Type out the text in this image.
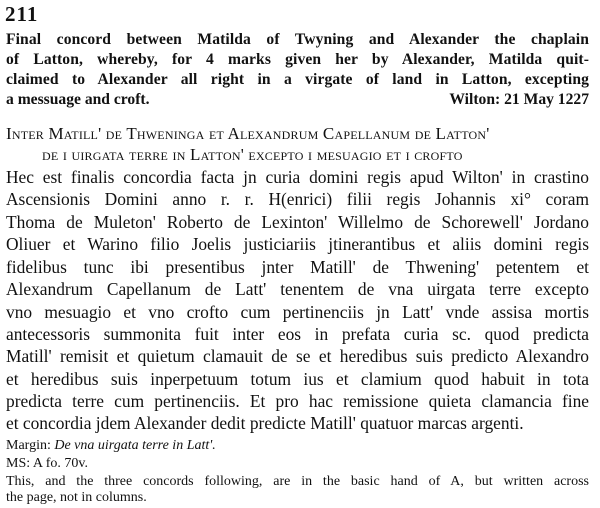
211
Final concord between Matilda of Twyning and Alexander the chaplain
of Latton, whereby, for 4 marks given her by Alexander, Matilda quit-
claimed to Alexander all right in a virgate of land in Latton, excepting
a messuage and croft.	Wilton: 21 May 1227
Inter Matill' de Thweninga et Alexandrum Capellanum de Latton'
de i uirgata terre in Latton' excepto i mesuagio et i crofto
Hec est finalis concordia facta jn curia domini regis apud Wilton' in crastino
Ascensionis Domini anno r. r. H(enrici) filii regis Johannis xi° coram
Thoma de Muleton' Roberto de Lexinton' Willelmo de Schorewell' Jordano
Oliuer et Warino filio Joelis justiciariis jtinerantibus et aliis domini regis
fidelibus tunc ibi presentibus jnter Matill' de Thwening' petentem et
Alexandrum Capellanum de Latt' tenentem de vna uirgata terre excepto
vno mesuagio et vno crofto cum pertinenciis jn Latt' vnde assisa mortis
antecessoris summonita fuit inter eos in prefata curia sc. quod predicta
Matill' remisit et quietum clamauit de se et heredibus suis predicto Alexandro
et heredibus suis inperpetuum totum ius et clamium quod habuit in tota
predicta terre cum pertinenciis. Et pro hac remissione quieta clamancia fine
et concordia jdem Alexander dedit predicte Matill' quatuor marcas argenti.
Margin: De vna uirgata terre in Latt'.
MS: A fo. 70v.
This, and the three concords following, are in the basic hand of A, but written across
the page, not in columns.
